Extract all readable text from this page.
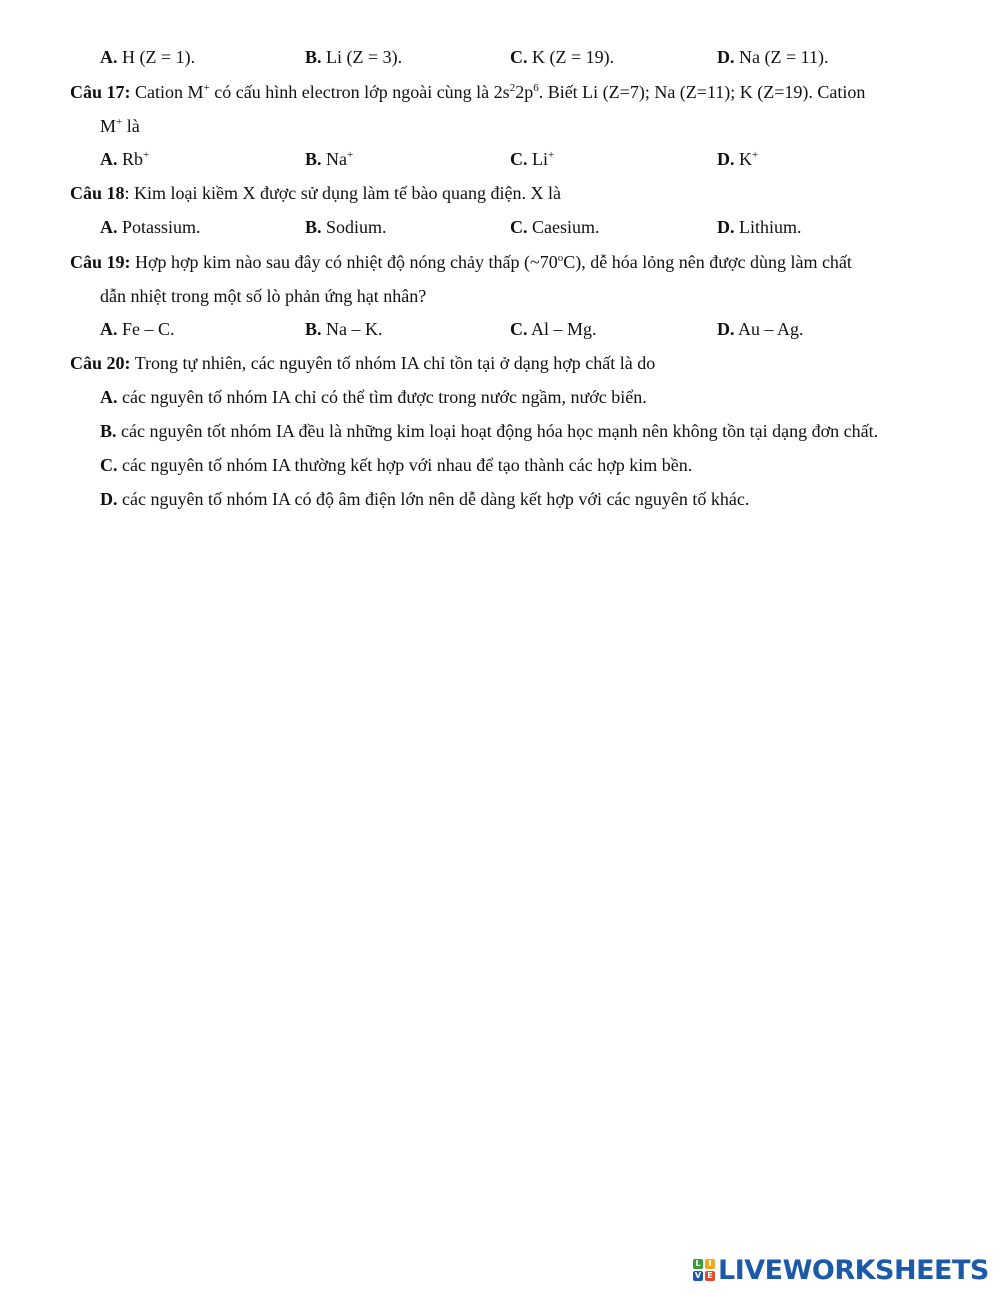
A. H (Z = 1).	B. Li (Z = 3).	C. K (Z = 19).	D. Na (Z = 11).
Câu 17: Cation M+ có cấu hình electron lớp ngoài cùng là $2s^22p^6$. Biết Li (Z=7); Na (Z=11); K (Z=19). Cation
M+ là
A. Rb+	B. Na+	C. Li+	D. K+
Câu 18: Kim loại kiềm X được sử dụng làm tế bào quang điện. X là
A. Potassium.	B. Sodium.	C. Caesium.	D. Lithium.
Câu 19: Hợp hợp kim nào sau đây có nhiệt độ nóng chảy thấp (~70$^o$C), dễ hóa lỏng nên được dùng làm chất
dẫn nhiệt trong một số lò phản ứng hạt nhân?
A. Fe – C.	B. Na – K.	C. Al – Mg.	D. Au – Ag.
Câu 20: Trong tự nhiên, các nguyên tố nhóm IA chỉ tồn tại ở dạng hợp chất là do
A. các nguyên tố nhóm IA chỉ có thể tìm được trong nước ngầm, nước biển.
B. các nguyên tốt nhóm IA đều là những kim loại hoạt động hóa học mạnh nên không tồn tại dạng đơn chất.
C. các nguyên tố nhóm IA thường kết hợp với nhau để tạo thành các hợp kim bền.
D. các nguyên tố nhóm IA có độ âm điện lớn nên dễ dàng kết hợp với các nguyên tố khác.
L I
V E LIVEWORKSHEETS
